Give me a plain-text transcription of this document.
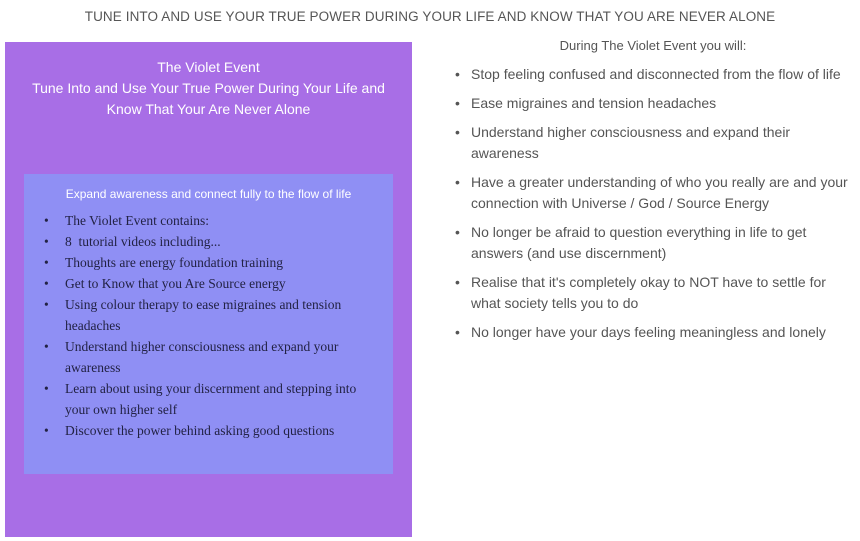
TUNE INTO AND USE YOUR TRUE POWER DURING YOUR LIFE AND KNOW THAT YOU ARE NEVER ALONE
The Violet Event
Tune Into and Use Your True Power During Your Life and Know That Your Are Never Alone
Expand awareness and connect fully to the flow of life
• The Violet Event contains:
• 8  tutorial videos including...
• Thoughts are energy foundation training
• Get to Know that you Are Source energy
• Using colour therapy to ease migraines and tension headaches
• Understand higher consciousness and expand your awareness
• Learn about using your discernment and stepping into your own higher self
• Discover the power behind asking good questions
During The Violet Event you will:
• Stop feeling confused and disconnected from the flow of life
• Ease migraines and tension headaches
• Understand higher consciousness and expand their awareness
• Have a greater understanding of who you really are and your connection with Universe / God / Source Energy
• No longer be afraid to question everything in life to get answers (and use discernment)
• Realise that it's completely okay to NOT have to settle for what society tells you to do
• No longer have your days feeling meaningless and lonely
